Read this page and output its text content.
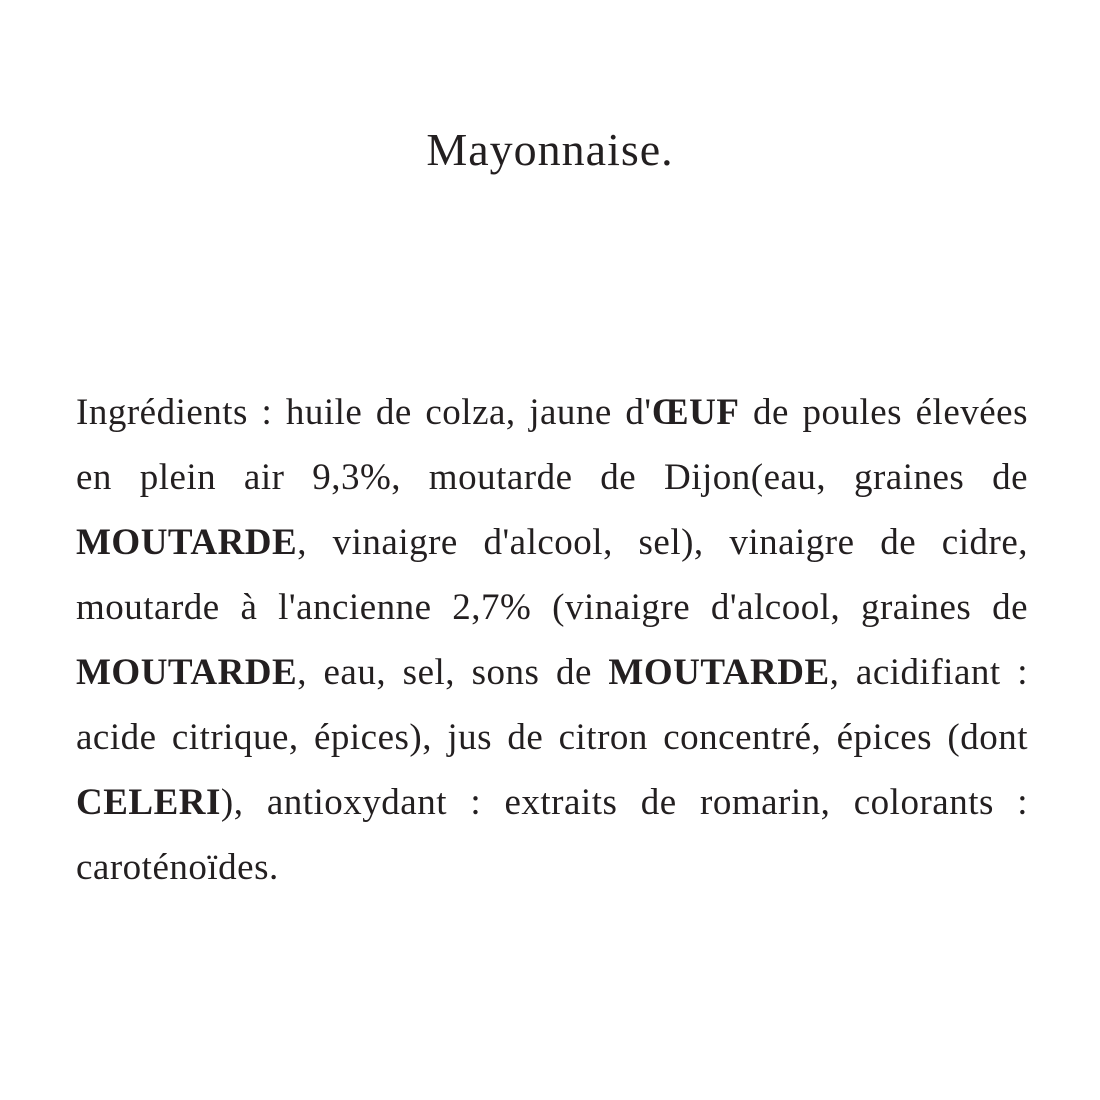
Mayonnaise.

Ingrédients : huile de colza, jaune d'ŒUF de poules élevées en plein air 9,3%, moutarde de Dijon(eau, graines de MOUTARDE, vinaigre d'alcool, sel), vinaigre de cidre, moutarde à l'ancienne 2,7% (vinaigre d'alcool, graines de MOUTARDE, eau, sel, sons de MOUTARDE, acidifiant : acide citrique, épices), jus de citron concentré, épices (dont CELERI), antioxydant : extraits de romarin, colorants : caroténoïdes.
